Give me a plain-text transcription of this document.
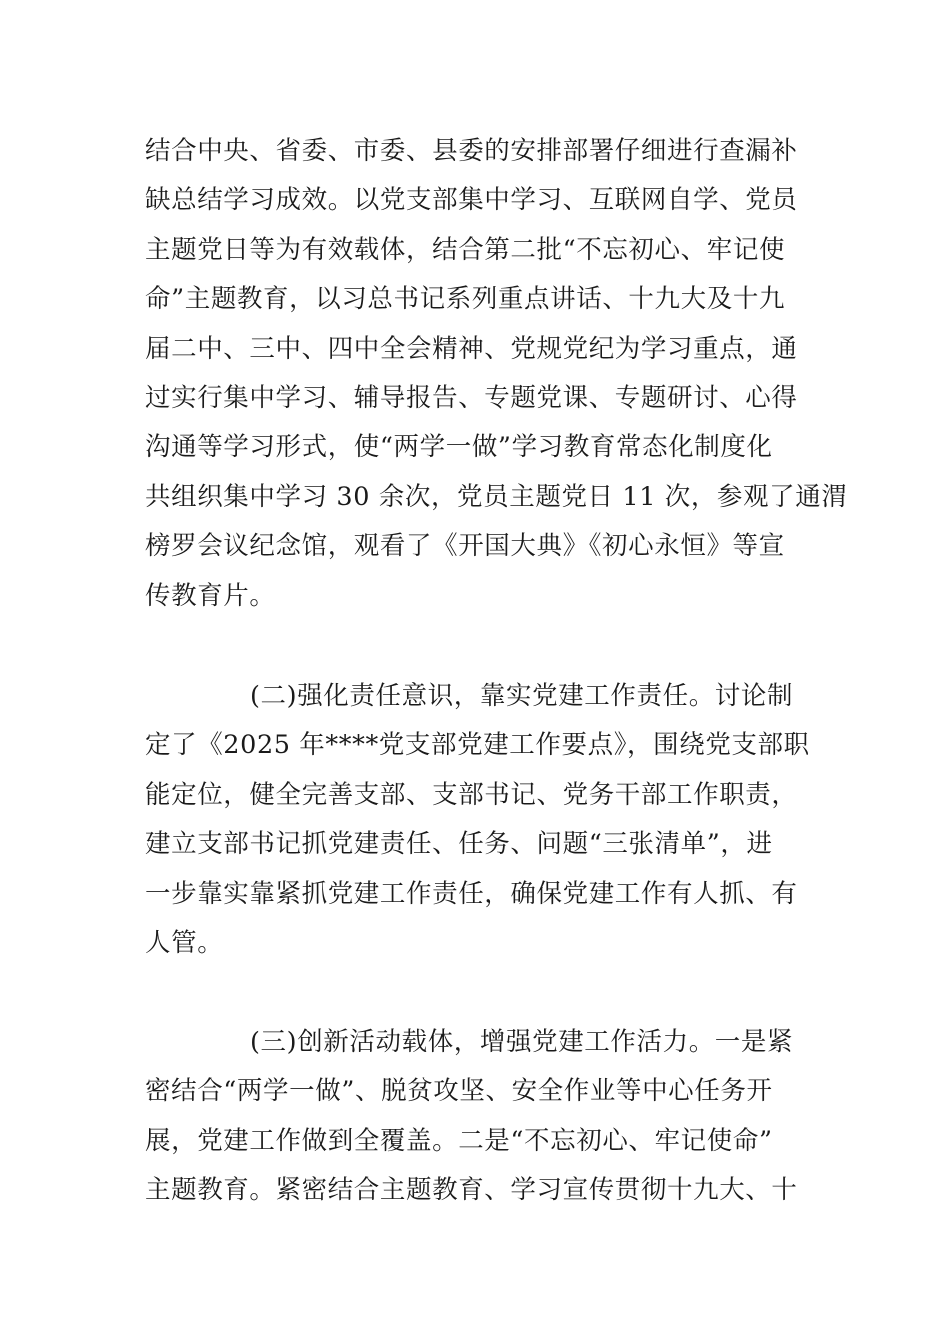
结合中央、省委、市委、县委的安排部署仔细进行查漏补
缺总结学习成效。以党支部集中学习、互联网自学、党员
主题党日等为有效载体，结合第二批“不忘初心、牢记使
命”主题教育，以习总书记系列重点讲话、十九大及十九
届二中、三中、四中全会精神、党规党纪为学习重点，通
过实行集中学习、辅导报告、专题党课、专题研讨、心得
沟通等学习形式，使“两学一做”学习教育常态化制度化
共组织集中学习 30 余次，党员主题党日 11 次，参观了通渭
榜罗会议纪念馆，观看了《开国大典》《初心永恒》等宣
传教育片。
(二)强化责任意识，靠实党建工作责任。讨论制
定了《2025 年****党支部党建工作要点》，围绕党支部职
能定位，健全完善支部、支部书记、党务干部工作职责，
建立支部书记抓党建责任、任务、问题“三张清单”，进
一步靠实靠紧抓党建工作责任，确保党建工作有人抓、有
人管。
(三)创新活动载体，增强党建工作活力。一是紧
密结合“两学一做”、脱贫攻坚、安全作业等中心任务开
展，党建工作做到全覆盖。二是“不忘初心、牢记使命”
主题教育。紧密结合主题教育、学习宣传贯彻十九大、十
